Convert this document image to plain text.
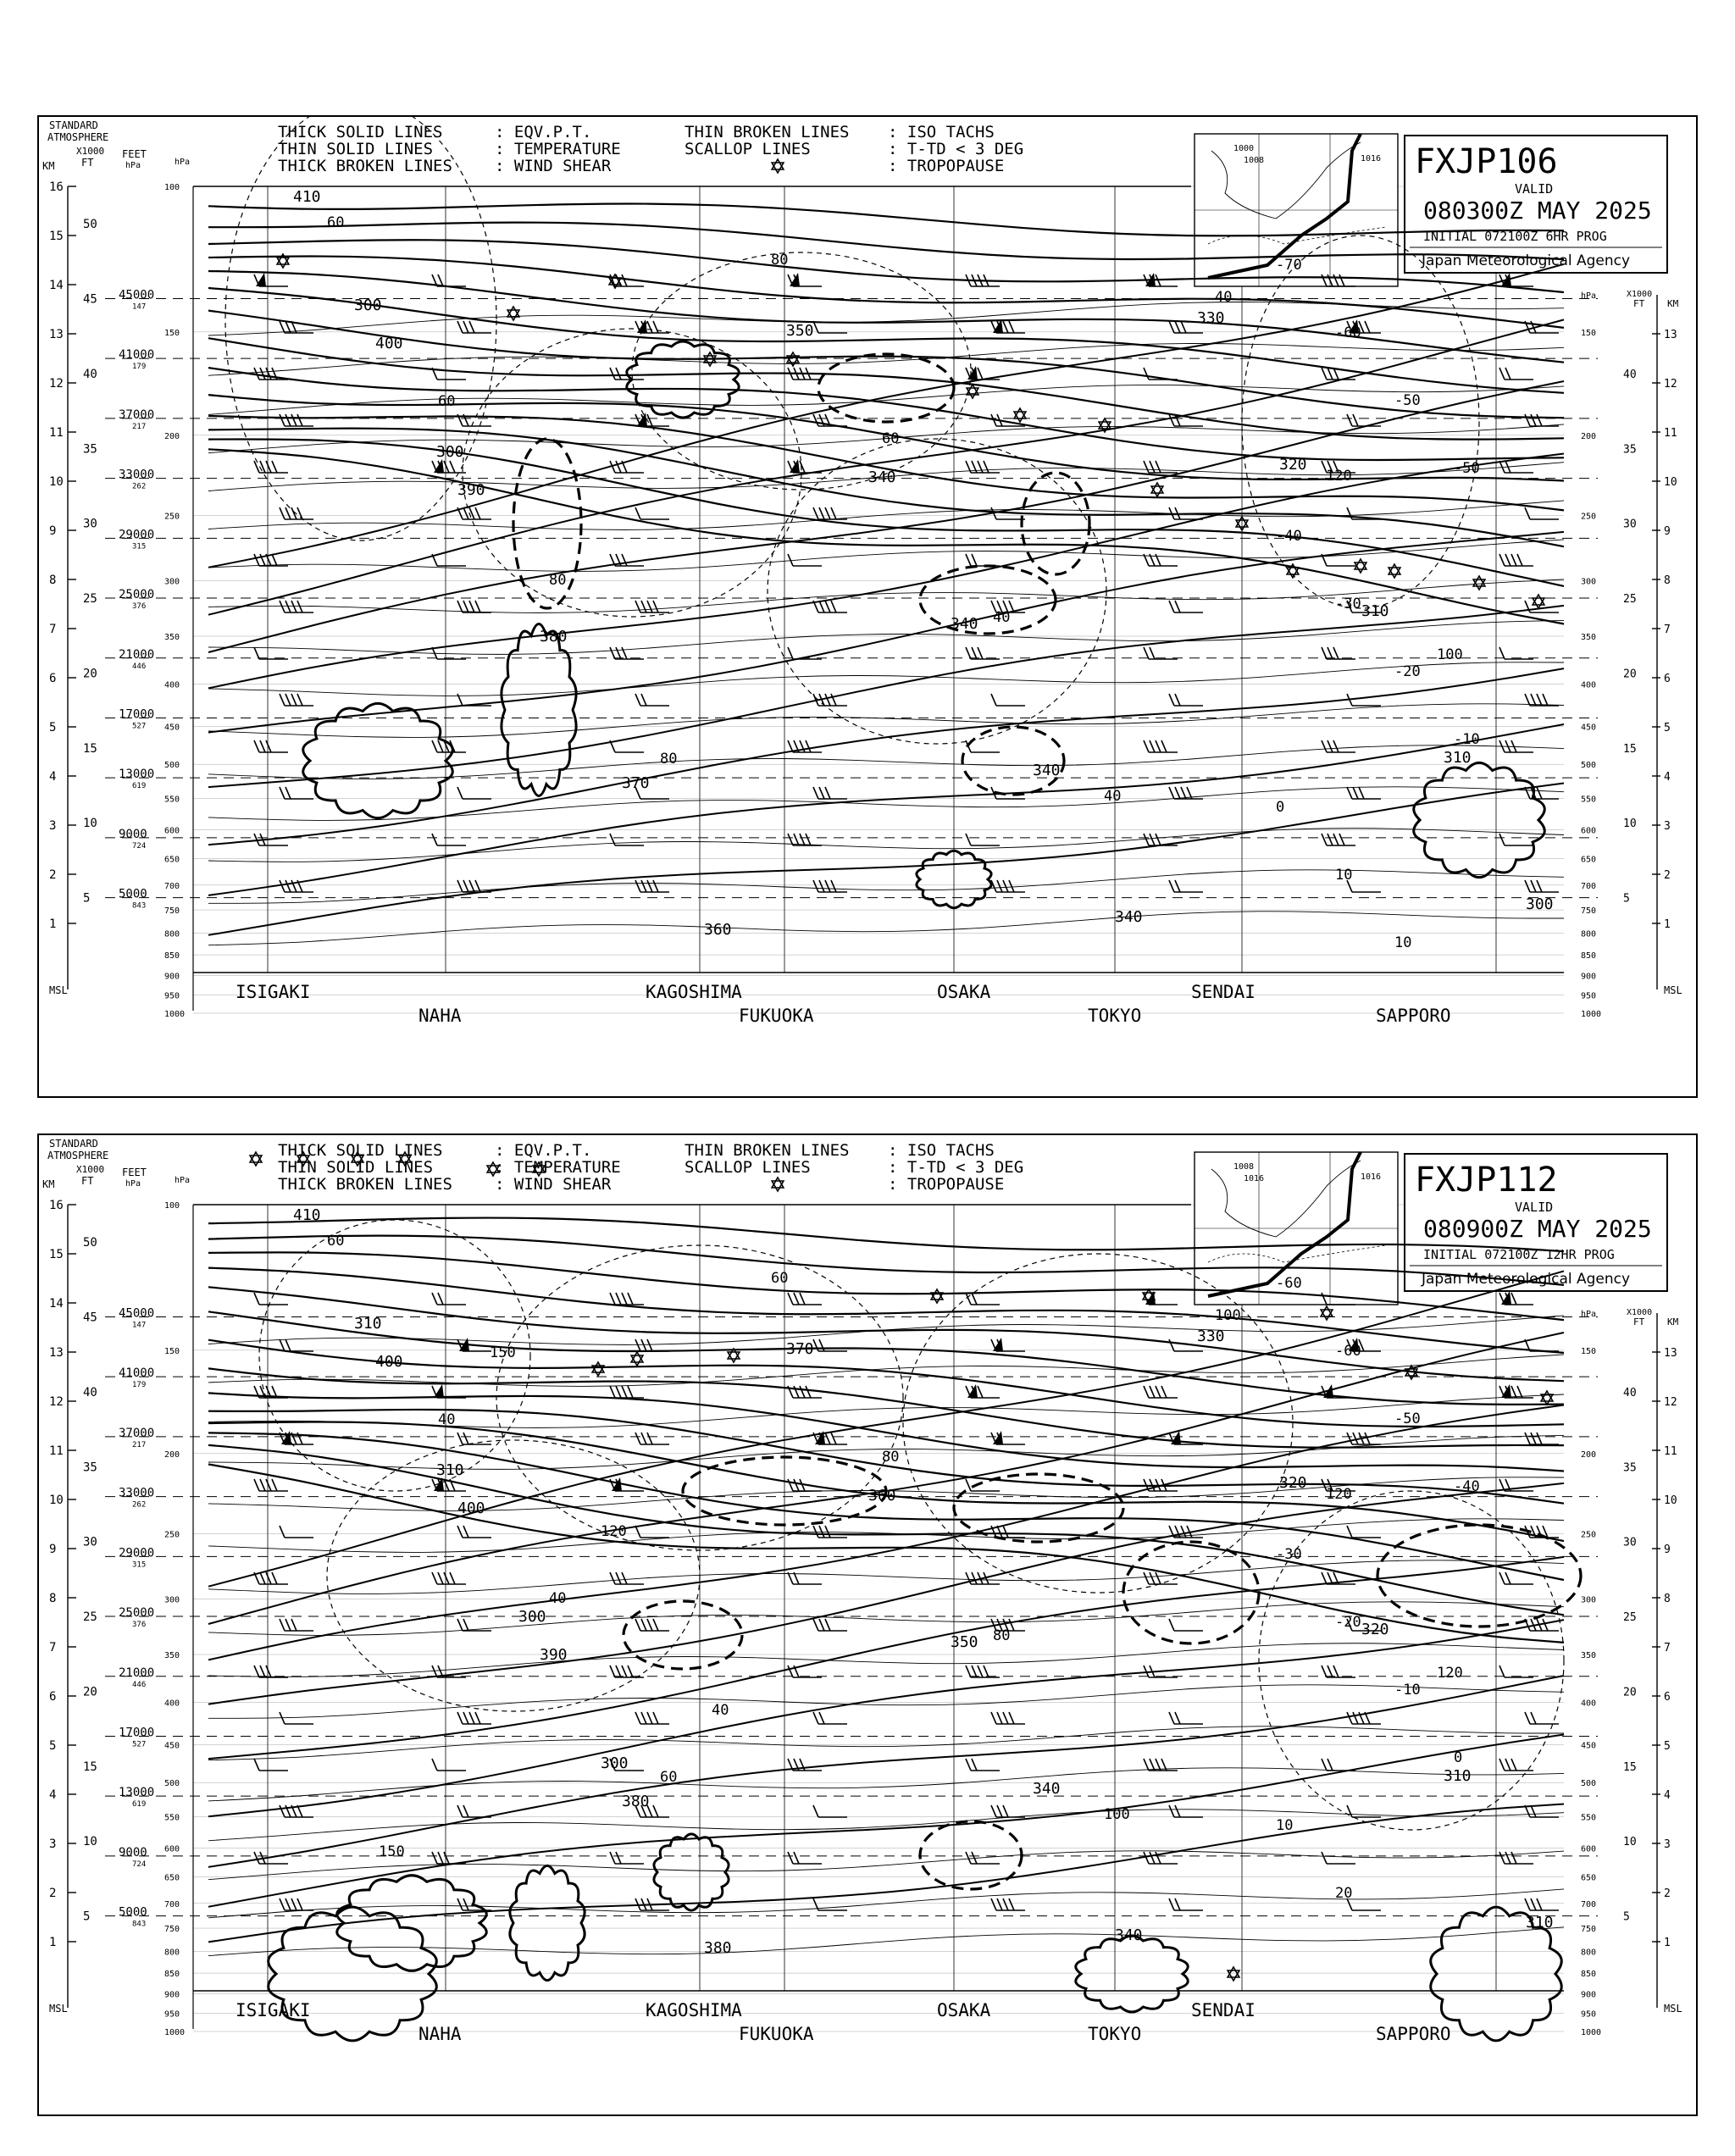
STANDARD
ATMOSPHERE
KM
X1000
FT
FEET
hPa	hPa
MSL
16
15
14
13
12
11
10
9
8
7
6
5
4
3
2
1
50
45
40
35
30
25
20
15
10
5
45000
147
41000
179
37000
217
33000
262
29000
315
25000
376
21000
446
17000
527
13000
619
9000
724
5000
843
100
150	150
200	200
250	250
300	300
350	350
400	400
450	450
500	500
550	550
600	600
650	650
700	700
750	750
800	800
850	850
900	900
950	950
1000	1000
hPa	X1000
FT KM
13
12
11
10
9
8
7
6
5
4
3
2
1
40
35
30
25
20
15
10
5
MSL
ISIGAKI	KAGOSHIMA	OSAKA	SENDAI
NAHA	FUKUOKA	TOKYO	SAPPORO
THICK SOLID LINES	: EQV.P.T.
THIN SOLID LINES	: TEMPERATURE
THICK BROKEN LINES	: WIND SHEAR
THIN BROKEN LINES : ISO TACHS
SCALLOP LINES	: T-TD < 3 DEG
: TROPOPAUSE	FXJP106
VALID
080300Z MAY 2025
INITIAL 072100Z 6HR PROG
Japan Meteorological Agency
1000
1008	1016
410
400
390
380
370
360
350
340
340
340
340
330
320
310
310
300
300
300
60
60
80
80
80
60
40
40
40
120
100
-70
-60
-50
-50
-40
-30
-20
-10
0
10
10
STANDARD
ATMOSPHERE
KM
X1000
FT
FEET
hPa	hPa
MSL
16
15
14
13
12
11
10
9
8
7
6
5
4
3
2
1
50
45
40
35
30
25
20
15
10
5
45000
147
41000
179
37000
217
33000
262
29000
315
25000
376
21000
446
17000
527
13000
619
9000
724
5000
843
100
150	150
200	200
250	250
300	300
350	350
400	400
450	450
500	500
550	550
600	600
650	650
700	700
750	750
800	800
850	850
900	900
950	950
1000	1000
hPa	X1000
FT KM
13
12
11
10
9
8
7
6
5
4
3
2
1
40
35
30
25
20
15
10
5
MSL
ISIGAKI	KAGOSHIMA	OSAKA	SENDAI
NAHA	FUKUOKA	TOKYO	SAPPORO
THICK SOLID LINES	: EQV.P.T.
THIN SOLID LINES	: TEMPERATURE
THICK BROKEN LINES	: WIND SHEAR
THIN BROKEN LINES : ISO TACHS
SCALLOP LINES	: T-TD < 3 DEG
: TROPOPAUSE	FXJP112
VALID
080900Z MAY 2025
INITIAL 072100Z 12HR PROG
Japan Meteorological Agency
1008
1016	1016
410
400
400
390
380
380
370
360
350
340
340
330
320
320
310
310
310
310
300
300
60
40
40
60
60
80
80
100
100
120
120
150
150
120
40
-60
-60
-50
-40
-30
-20
-10
0
10
20
